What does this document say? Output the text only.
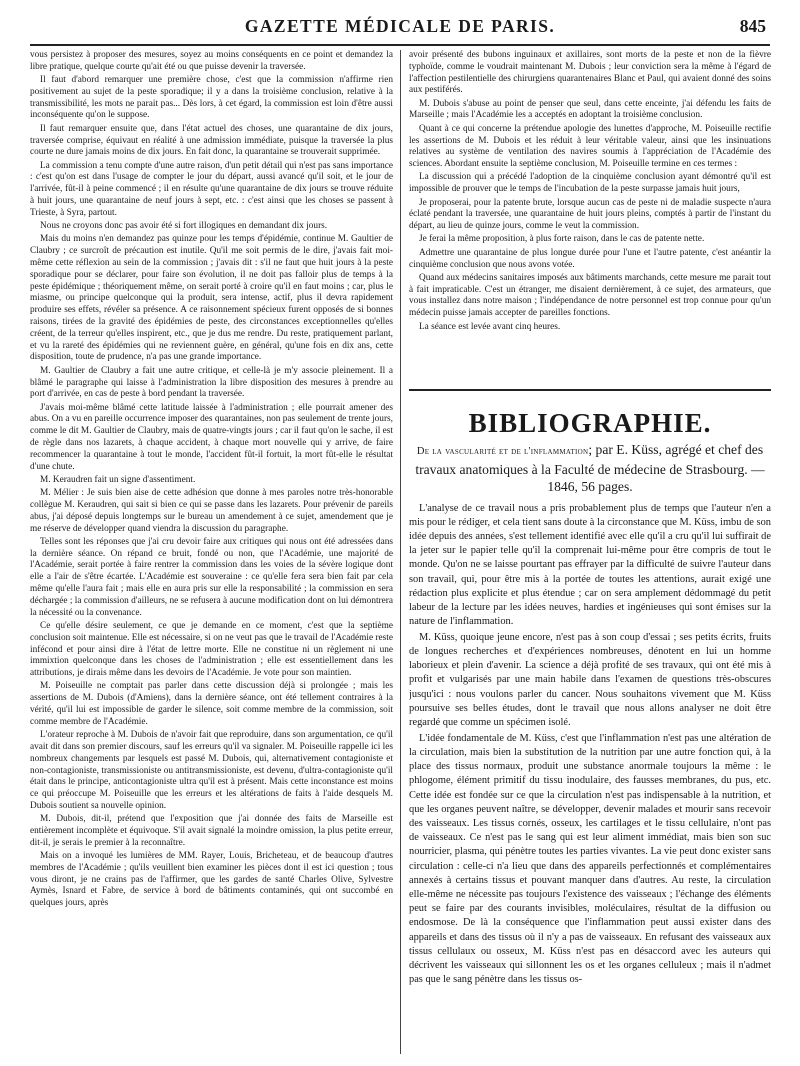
GAZETTE MÉDICALE DE PARIS.	845

vous persistez à proposer des mesures, soyez au moins conséquents en ce point et demandez la libre pratique, quelque courte qu'ait été ou que puisse devenir la traversée.

Il faut d'abord remarquer une première chose, c'est que la commission n'affirme rien positivement au sujet de la peste sporadique; il y a dans la troisième conclusion, relative à la transmissibilité, les mots ne parait pas... Dès lors, à cet égard, la commission est loin d'être aussi inconséquente qu'on le suppose.

Il faut remarquer ensuite que, dans l'état actuel des choses, une quarantaine de dix jours, traversée comprise, équivaut en réalité à une admission immédiate, puisque la traversée la plus courte ne dure jamais moins de dix jours. En fait donc, la quarantaine se trouverait supprimée.

La commission a tenu compte d'une autre raison, d'un petit détail qui n'est pas sans importance : c'est qu'on est dans l'usage de compter le jour du départ, aussi avancé qu'il soit, et le jour de l'arrivée, fût-il à peine commencé ; il en résulte qu'une quarantaine de dix jours se trouve réduite à huit jours, une quarantaine de neuf jours à sept, etc. : c'est ainsi que les choses se passent à Trieste, à Syra, partout.

Nous ne croyons donc pas avoir été si fort illogiques en demandant dix jours.

Mais du moins n'en demandez pas quinze pour les temps d'épidémie, continue M. Gaultier de Claubry ; ce surcroît de précaution est inutile. Qu'il me soit permis de le dire, j'avais fait moi-même cette réflexion au sein de la commission ; j'avais dit : s'il ne faut que huit jours à la peste sporadique pour se déclarer, pour faire son évolution, il ne doit pas falloir plus de temps à la peste épidémique ; théoriquement même, on serait porté à croire qu'il en faut moins ; car, plus le miasme, ou principe quelconque qui la produit, sera intense, actif, plus il devra rapidement produire ses effets, révéler sa présence. A ce raisonnement spécieux furent opposés de si bonnes raisons, tirées de la gravité des épidémies de peste, des circonstances exceptionnelles qu'elles créent, de la terreur qu'elles inspirent, etc., que je dus me rendre. Du reste, pratiquement parlant, et vu la rareté des épidémies qui ne reviennent guère, en général, qu'une fois en dix ans, cette disposition, toute de prudence, n'a pas une grande importance.

M. Gaultier de Claubry a fait une autre critique, et celle-là je m'y associe pleinement. Il a blâmé le paragraphe qui laisse à l'administration la libre disposition des mesures à prendre au port d'arrivée, en cas de peste à bord pendant la traversée.

J'avais moi-même blâmé cette latitude laissée à l'administration ; elle pourrait amener des abus. On a vu en pareille occurrence imposer des quarantaines, non pas seulement de trente jours, comme le dit M. Gaultier de Claubry, mais de quatre-vingts jours ; car il faut qu'on le sache, il est de règle dans nos lazarets, à chaque accident, à chaque mort nouvelle qui y arrive, de faire recommencer la quarantaine à tout le monde, l'accident fût-il fortuit, la mort fût-elle le résultat d'une chute.

M. Keraudren fait un signe d'assentiment.

M. Mélier : Je suis bien aise de cette adhésion que donne à mes paroles notre très-honorable collègue M. Keraudren, qui sait si bien ce qui se passe dans les lazarets. Pour prévenir de pareils abus, j'ai déposé depuis longtemps sur le bureau un amendement à ce sujet, amendement que je me réserve de développer quand viendra la discussion du paragraphe.

Telles sont les réponses que j'ai cru devoir faire aux critiques qui nous ont été adressées dans la dernière séance. On répand ce bruit, fondé ou non, que l'Académie, une majorité de l'Académie, serait portée à faire rentrer la commission dans les voies de la sévère logique dont elle a l'air de s'être écartée. L'Académie est souveraine : ce qu'elle fera sera bien fait par cela même qu'elle l'aura fait ; mais elle en aura pris sur elle la responsabilité ; la commission en sera déchargée ; la commission d'ailleurs, ne se refusera à aucune modification dont on lui démontrera la nécessité ou la convenance.

Ce qu'elle désire seulement, ce que je demande en ce moment, c'est que la septième conclusion soit maintenue. Elle est nécessaire, si on ne veut pas que le travail de l'Académie reste infécond et pour ainsi dire à l'état de lettre morte. Elle ne constitue ni un règlement ni une immixtion quelconque dans les choses de l'administration ; elle est essentiellement dans les attributions, je dirais même dans les devoirs de l'Académie. Je vote pour son maintien.

M. Poiseuille ne comptait pas parler dans cette discussion déjà si prolongée ; mais les assertions de M. Dubois (d'Amiens), dans la dernière séance, ont été tellement contraires à la vérité, qu'il lui est impossible de garder le silence, soit comme membre de la commission, soit comme membre de l'Académie.

L'orateur reproche à M. Dubois de n'avoir fait que reproduire, dans son argumentation, ce qu'il avait dit dans son premier discours, sauf les erreurs qu'il va signaler. M. Poiseuille rappelle ici les nombreux changements par lesquels est passé M. Dubois, qui, alternativement contagioniste et non-contagioniste, transmissioniste ou antitransmissioniste, est devenu, d'ultra-contagioniste qu'il était dans le principe, anticontagioniste ultra qu'il est à présent. Mais cette inconstance est moins ce qui préoccupe M. Poiseuille que les erreurs et les altérations de faits à l'aide desquels M. Dubois soutient sa nouvelle opinion.

M. Dubois, dit-il, prétend que l'exposition que j'ai donnée des faits de Marseille est entièrement incomplète et équivoque. S'il avait signalé la moindre omission, la plus petite erreur, dit-il, je serais le premier à la reconnaître.

Mais on a invoqué les lumières de MM. Rayer, Louis, Bricheteau, et de beaucoup d'autres membres de l'Académie ; qu'ils veuillent bien examiner les pièces dont il est ici question ; tous vous diront, je ne crains pas de l'affirmer, que les gardes de santé Charles Olive, Sylvestre Aymès, Isnard et Fabre, de service à bord de bâtiments contaminés, qui ont succombé en quelques jours, après

avoir présenté des bubons inguinaux et axillaires, sont morts de la peste et non de la fièvre typhoïde, comme le voudrait maintenant M. Dubois ; leur conviction sera la même à l'égard de l'affection pestilentielle des chirurgiens quarantenaires Blanc et Paul, qui avaient donné des soins aux pestiférés.

M. Dubois s'abuse au point de penser que seul, dans cette enceinte, j'ai défendu les faits de Marseille ; mais l'Académie les a acceptés en adoptant la troisième conclusion.

Quant à ce qui concerne la prétendue apologie des lunettes d'approche, M. Poiseuille rectifie les assertions de M. Dubois et les réduit à leur véritable valeur, ainsi que les insinuations relatives au système de ventilation des navires soumis à l'appréciation de l'Académie des sciences. Abordant ensuite la septième conclusion, M. Poiseuille termine en ces termes :

La discussion qui a précédé l'adoption de la cinquième conclusion ayant démontré qu'il est impossible de prouver que le temps de l'incubation de la peste surpasse jamais huit jours,

Je proposerai, pour la patente brute, lorsque aucun cas de peste ni de maladie suspecte n'aura éclaté pendant la traversée, une quarantaine de huit jours pleins, comptés à partir de l'instant du départ, au lieu de quinze jours, comme le veut la commission.

Je ferai la même proposition, à plus forte raison, dans le cas de patente nette.

Admettre une quarantaine de plus longue durée pour l'une et l'autre patente, c'est anéantir la cinquième conclusion que nous avons votée.

Quand aux médecins sanitaires imposés aux bâtiments marchands, cette mesure me parait tout à fait impraticable. C'est un étranger, me disaient dernièrement, à ce sujet, des armateurs, que vous installez dans notre maison ; l'indépendance de notre personnel est trop connue pour qu'un médecin puisse jamais accepter de pareilles fonctions.

La séance est levée avant cinq heures.

BIBLIOGRAPHIE.
De la vascularité et de l'inflammation; par E. Küss, agrégé et chef des travaux anatomiques à la Faculté de médecine de Strasbourg. — 1846, 56 pages.

L'analyse de ce travail nous a pris probablement plus de temps que l'auteur n'en a mis pour le rédiger, et cela tient sans doute à la circonstance que M. Küss, imbu de son idée depuis des années, s'est tellement identifié avec elle qu'il a cru qu'il lui suffirait de la jeter sur le papier telle qu'il la comprenait lui-même pour être compris de tout le monde. Qu'on ne se laisse pourtant pas effrayer par la difficulté de suivre l'auteur dans son travail, qui, pour être mis à la portée de toutes les attentions, aurait exigé une rédaction plus explicite et plus étendue ; car on sera amplement dédommagé du petit labeur de la lecture par les idées neuves, hardies et ingénieuses qui sont émises sur la nature de l'inflammation.

M. Küss, quoique jeune encore, n'est pas à son coup d'essai ; ses petits écrits, fruits de longues recherches et d'expériences nombreuses, dénotent en lui un homme laborieux et plein d'avenir. La science a déjà profité de ses travaux, qui ont été mis à profit et vulgarisés par une main habile dans l'examen de questions très-obscures jusqu'ici : nous voulons parler du cancer. Nous souhaitons vivement que M. Küss poursuive ses belles études, dont le travail que nous allons analyser ne doit être regardé que comme un spécimen isolé.

L'idée fondamentale de M. Küss, c'est que l'inflammation n'est pas une altération de la circulation, mais bien la substitution de la nutrition par une autre fonction qui, à la place des tissus normaux, produit une substance anormale toujours la même : le phlogome, élément primitif du tissu inodulaire, des fausses membranes, du pus, etc. Cette idée est fondée sur ce que la circulation n'est pas indispensable à la nutrition, et que les organes peuvent naître, se développer, devenir malades et mourir sans recevoir des vaisseaux. Les tissus cornés, osseux, les cartilages et le tissu cellulaire, n'ont pas de vaisseaux. Ce n'est pas le sang qui est leur aliment immédiat, mais bien son suc nourricier, plasma, qui pénètre toutes les parties vivantes. La vie peut donc exister sans circulation : celle-ci n'a lieu que dans des appareils perfectionnés et complémentaires annexés à certains tissus et pouvant manquer dans d'autres. Au reste, la circulation elle-même ne nécessite pas toujours l'existence des vaisseaux ; l'échange des éléments peut se faire par des courants invisibles, moléculaires, résultat de la diffusion ou endosmose. De là la conséquence que l'inflammation peut aussi exister dans des appareils et dans des tissus où il n'y a pas de vaisseaux. En refusant des vaisseaux aux tissus cellulaux ou osseux, M. Küss n'est pas en désaccord avec les auteurs qui décrivent les vaisseaux qui sillonnent les os et les organes celluleux ; mais il n'admet pas que le sang pénètre dans les tissus os-
